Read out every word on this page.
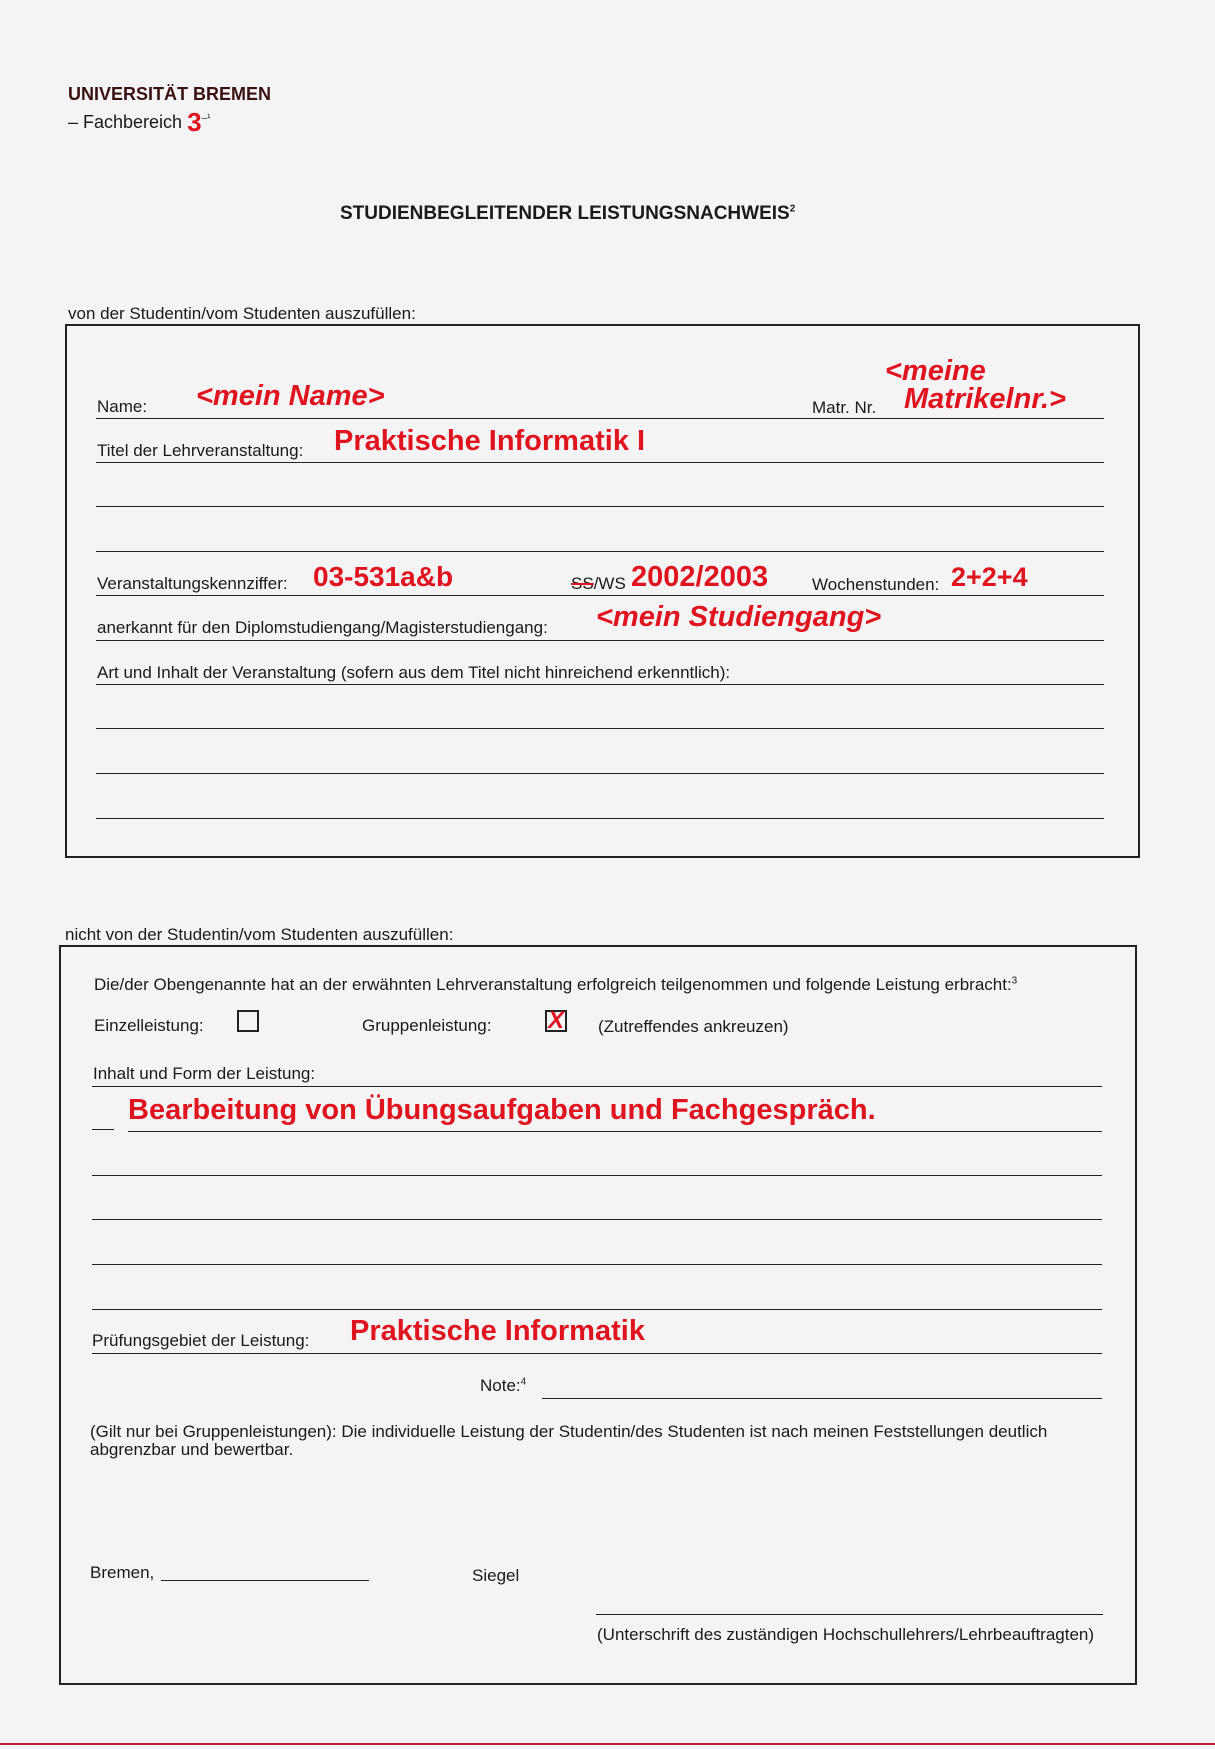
UNIVERSITÄT BREMEN
– Fachbereich $3^{-^1}$
STUDIENBEGLEITENDER LEISTUNGSNACHWEIS$^2$
von der Studentin/vom Studenten auszufüllen:
Name: <mein Name>	Matr. Nr.
<meine
Matrikelnr.>
Titel der Lehrveranstaltung: Praktische Informatik I
Veranstaltungskennziffer: 03-531a&b	SS/WS 2002/2003	Wochenstunden: 2+2+4
anerkannt für den Diplomstudiengang/Magisterstudiengang: <mein Studiengang>
Art und Inhalt der Veranstaltung (sofern aus dem Titel nicht hinreichend erkenntlich):
nicht von der Studentin/vom Studenten auszufüllen:
Die/der Obengenannte hat an der erwähnten Lehrveranstaltung erfolgreich teilgenommen und folgende Leistung erbracht:$^3$
Einzelleistung:	Gruppenleistung: X (Zutreffendes ankreuzen)
Inhalt und Form der Leistung:
Bearbeitung von Übungsaufgaben und Fachgespräch.
Prüfungsgebiet der Leistung: Praktische Informatik
Note:$^4$
(Gilt nur bei Gruppenleistungen): Die individuelle Leistung der Studentin/des Studenten ist nach meinen Feststellungen deutlich
abgrenzbar und bewertbar.
Bremen,	Siegel
(Unterschrift des zuständigen Hochschullehrers/Lehrbeauftragten)
